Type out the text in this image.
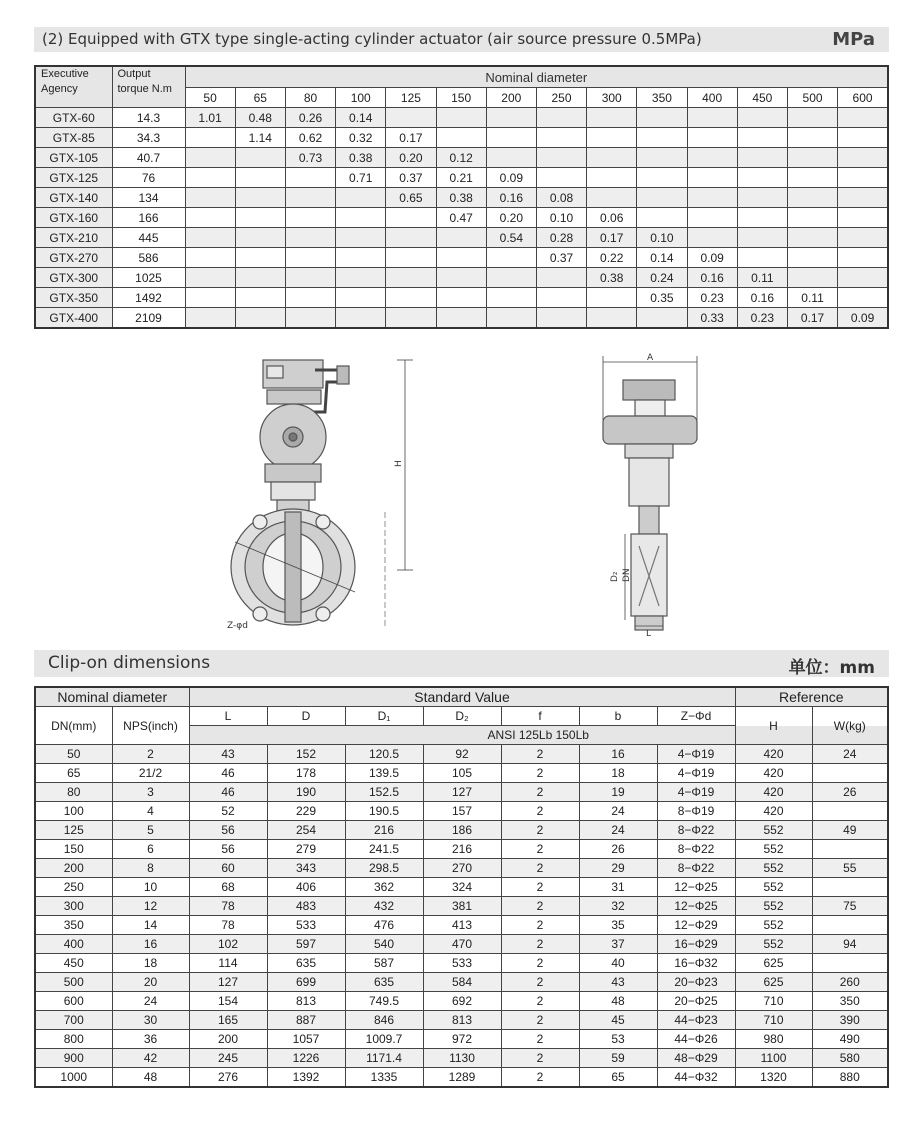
(2) Equipped with GTX type single-acting cylinder actuator (air source pressure 0.5MPa)	MPa
Executive Agency	Output torque N.m	Nominal diameter													
		50	65	80	100	125	150	200	250	300	350	400	450	500	600
GTX-60	14.3	1.01	0.48	0.26	0.14										
GTX-85	34.3		1.14	0.62	0.32	0.17									
GTX-105	40.7			0.73	0.38	0.20	0.12								
GTX-125	76				0.71	0.37	0.21	0.09							
GTX-140	134					0.65	0.38	0.16	0.08						
GTX-160	166						0.47	0.20	0.10	0.06					
GTX-210	445							0.54	0.28	0.17	0.10				
GTX-270	586								0.37	0.22	0.14	0.09			
GTX-300	1025									0.38	0.24	0.16	0.11		
GTX-350	1492										0.35	0.23	0.16	0.11	
GTX-400	2109											0.33	0.23	0.17	0.09
H
Z-φd
A
D₂ DN
L
Clip-on dimensions	单位：mm
Nominal diameter		Standard Value							Reference	
DN(mm)	NPS(inch)	L	D	D₁	D₂	f	b	Z−Φd	H	W(kg)
		ANSI 125Lb 150Lb								
50	2	43	152	120.5	92	2	16	4−Φ19	420	24
65	21/2	46	178	139.5	105	2	18	4−Φ19	420	
80	3	46	190	152.5	127	2	19	4−Φ19	420	26
100	4	52	229	190.5	157	2	24	8−Φ19	420	
125	5	56	254	216	186	2	24	8−Φ22	552	49
150	6	56	279	241.5	216	2	26	8−Φ22	552	
200	8	60	343	298.5	270	2	29	8−Φ22	552	55
250	10	68	406	362	324	2	31	12−Φ25	552	
300	12	78	483	432	381	2	32	12−Φ25	552	75
350	14	78	533	476	413	2	35	12−Φ29	552	
400	16	102	597	540	470	2	37	16−Φ29	552	94
450	18	114	635	587	533	2	40	16−Φ32	625	
500	20	127	699	635	584	2	43	20−Φ23	625	260
600	24	154	813	749.5	692	2	48	20−Φ25	710	350
700	30	165	887	846	813	2	45	44−Φ23	710	390
800	36	200	1057	1009.7	972	2	53	44−Φ26	980	490
900	42	245	1226	1171.4	1130	2	59	48−Φ29	1100	580
1000	48	276	1392	1335	1289	2	65	44−Φ32	1320	880
